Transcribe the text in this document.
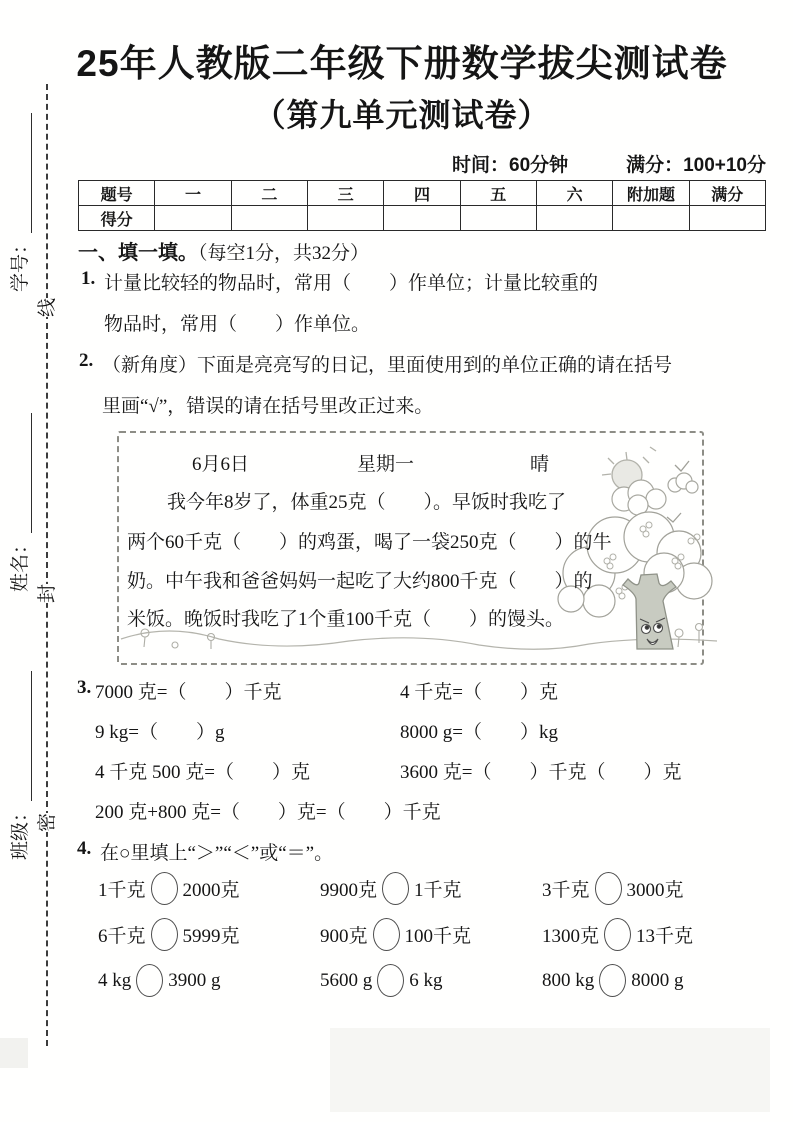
学号：
姓名：
班级：
线
封
密
25年人教版二年级下册数学拔尖测试卷
（第九单元测试卷）
时间：60分钟	满分：100+10分
题号	一	二	三	四	五	六	附加题	满分
得分								
一、填一填。（每空1分，共32分）
1. 计量比较轻的物品时，常用（　　）作单位；计量比较重的
物品时，常用（　　）作单位。
2. （新角度）下面是亮亮写的日记，里面使用到的单位正确的请在括号
里画“√”，错误的请在括号里改正过来。
6月6日	星期一	晴
我今年8岁了，体重25克（　　）。早饭时我吃了
两个60千克（　　）的鸡蛋，喝了一袋250克（　　）的牛
奶。中午我和爸爸妈妈一起吃了大约800千克（　　）的
米饭。晚饭时我吃了1个重100千克（　　）的馒头。
3. 7000 克=（　　）千克	4 千克=（　　）克
9 kg=（　　）g	8000 g=（　　）kg
4 千克 500 克=（　　）克	3600 克=（　　）千克（　　）克
200 克+800 克=（　　）克=（　　）千克
4. 在○里填上“＞”“＜”或“＝”。
1千克 2000克	9900克 1千克	3千克 3000克
6千克 5999克	900克 100千克	1300克 13千克
4 kg 3900 g	5600 g 6 kg	800 kg 8000 g
